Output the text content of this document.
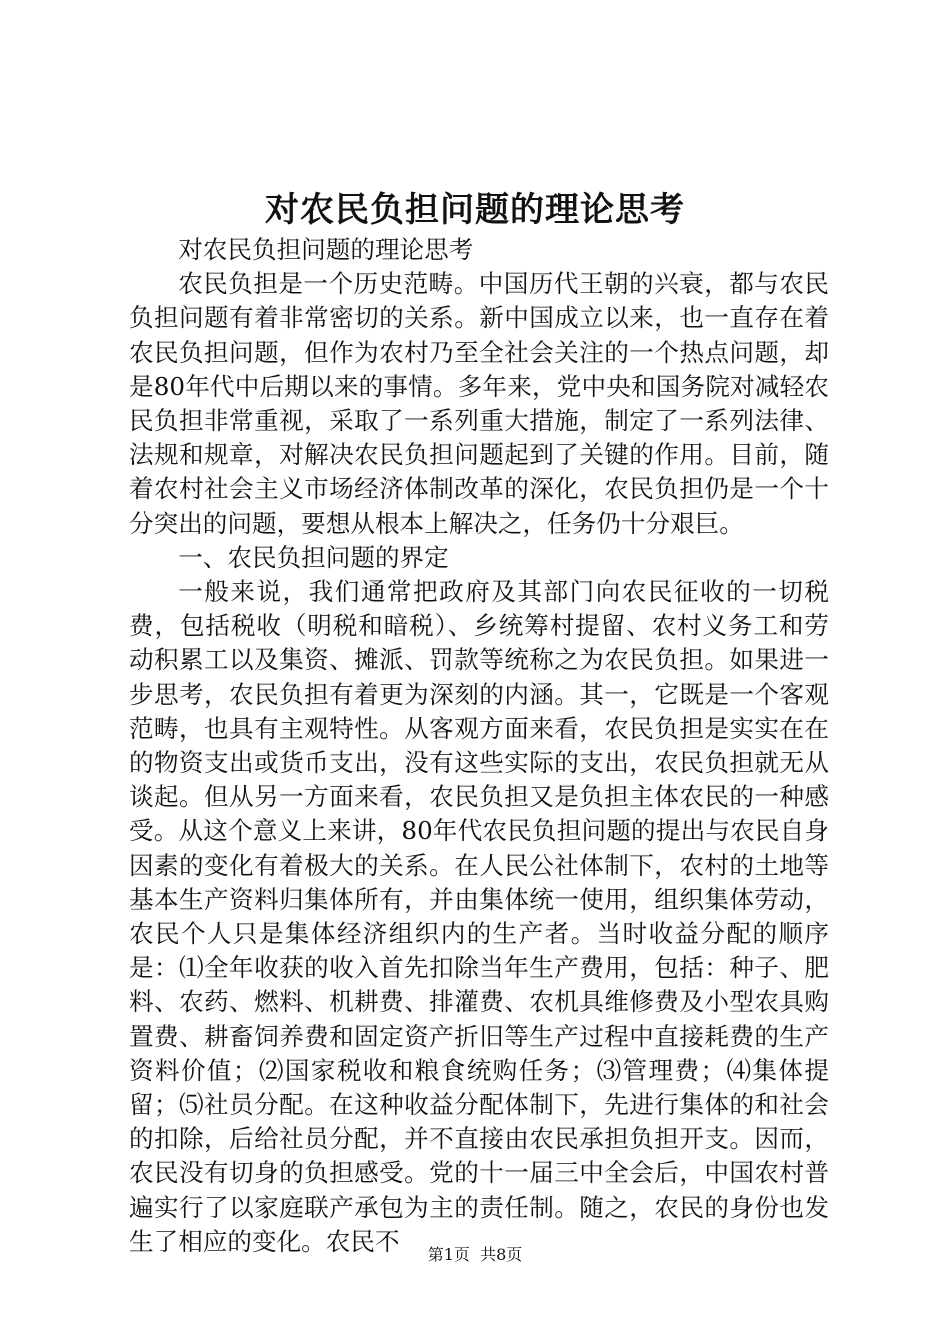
对农民负担问题的理论思考

对农民负担问题的理论思考

农民负担是一个历史范畴。中国历代王朝的兴衰，都与农民负担问题有着非常密切的关系。新中国成立以来，也一直存在着农民负担问题，但作为农村乃至全社会关注的一个热点问题，却是80年代中后期以来的事情。多年来，党中央和国务院对减轻农民负担非常重视，采取了一系列重大措施，制定了一系列法律、法规和规章，对解决农民负担问题起到了关键的作用。目前，随着农村社会主义市场经济体制改革的深化，农民负担仍是一个十分突出的问题，要想从根本上解决之，任务仍十分艰巨。

一、农民负担问题的界定

一般来说，我们通常把政府及其部门向农民征收的一切税费，包括税收（明税和暗税）、乡统筹村提留、农村义务工和劳动积累工以及集资、摊派、罚款等统称之为农民负担。如果进一步思考，农民负担有着更为深刻的内涵。其一，它既是一个客观范畴，也具有主观特性。从客观方面来看，农民负担是实实在在的物资支出或货币支出，没有这些实际的支出，农民负担就无从谈起。但从另一方面来看，农民负担又是负担主体农民的一种感受。从这个意义上来讲，80年代农民负担问题的提出与农民自身因素的变化有着极大的关系。在人民公社体制下，农村的土地等基本生产资料归集体所有，并由集体统一使用，组织集体劳动，农民个人只是集体经济组织内的生产者。当时收益分配的顺序是：⑴全年收获的收入首先扣除当年生产费用，包括：种子、肥料、农药、燃料、机耕费、排灌费、农机具维修费及小型农具购置费、耕畜饲养费和固定资产折旧等生产过程中直接耗费的生产资料价值；⑵国家税收和粮食统购任务；⑶管理费；⑷集体提留；⑸社员分配。在这种收益分配体制下，先进行集体的和社会的扣除，后给社员分配，并不直接由农民承担负担开支。因而，农民没有切身的负担感受。党的十一届三中全会后，中国农村普遍实行了以家庭联产承包为主的责任制。随之，农民的身份也发生了相应的变化。农民不	第1页 共8页
